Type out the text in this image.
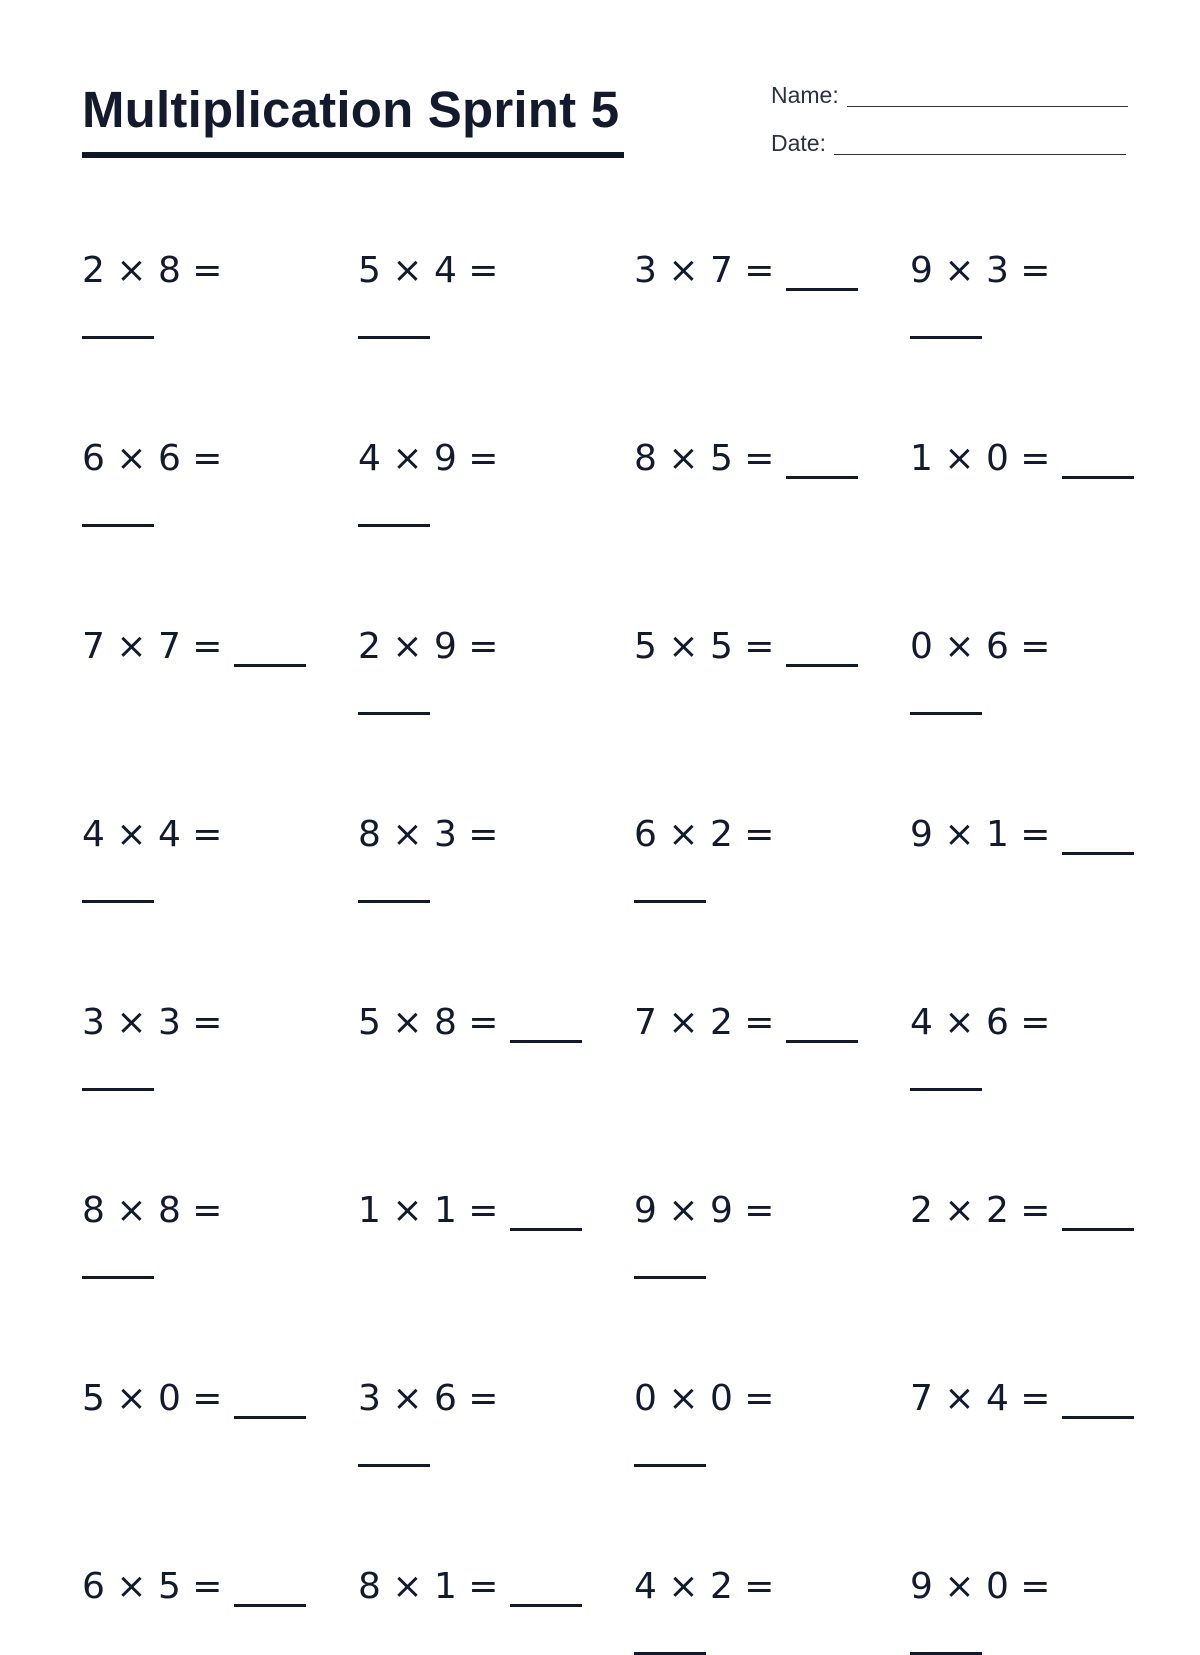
Multiplication Sprint 5	Name:
Date:
2 × 8 =	5 × 4 =	3 × 7 =	9 × 3 =
6 × 6 =	4 × 9 =	8 × 5 =	1 × 0 =
7 × 7 =	2 × 9 =	5 × 5 =	0 × 6 =
4 × 4 =	8 × 3 =	6 × 2 =	9 × 1 =
3 × 3 =	5 × 8 =	7 × 2 =	4 × 6 =
8 × 8 =	1 × 1 =	9 × 9 =	2 × 2 =
5 × 0 =	3 × 6 =	0 × 0 =	7 × 4 =
6 × 5 =	8 × 1 =	4 × 2 =	9 × 0 =
